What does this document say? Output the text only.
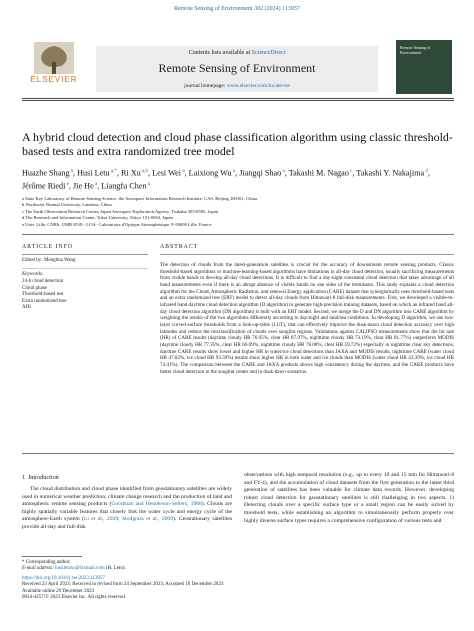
Remote Sensing of Environment 302 (2024) 113957
ELSEVIER
Contents lists available at ScienceDirect
Remote Sensing of Environment
journal homepage: www.elsevier.com/locate/rse
Remote Sensing of Environment
A hybrid cloud detection and cloud phase classification algorithm using classic threshold-based tests and extra randomized tree model
Huazhe Shang $^a$, Husi Letu $^{a,*}$, Ri Xu $^{a,b}$, Lesi Wei $^a$, Laixiong Wu $^a$, Jiangqi Shao $^a$, Takashi M. Nagao $^c$, Takashi Y. Nakajima $^d$, Jérôme Riedi $^e$, Jie He $^a$, Liangfu Chen $^a$
a State Key Laboratory of Remote Sensing Science, the Aerospace Information Research Institute, CAS, Beijing 100101, China
b Northwest Normal University, Lanzhou, China
c The Earth Observation Research Center, Japan Aerospace Exploration Agency, Tsukuba 305-8505, Japan
d The Research and Information Center, Tokai University, Tokyo 151-0063, Japan
e Univ. Lille, CNRS, UMR 8518 - LOA - Laboratoire d'Optique Atmosphérique, F-59000 Lille, France
ARTICLE INFO
Edited by: Menghua Wang
Keywords:
24-h cloud detection
Cloud phase
Threshold-based test
Extra randomized tree
AHI
ABSTRACT
The detection of clouds from the latest-generation satellites is crucial for the accuracy of downstream remote sensing products. Classic threshold-based algorithms or machine-learning-based algorithms have limitations in all-day cloud detection, usually sacrificing measurements from visible bands to develop all-day cloud detections. It is difficult to find a day-night consistent cloud detection that takes advantage of all band measurements even if there is an abrupt absence of visible bands on one sides of the terminator. This study explains a cloud detection algorithm for the Cloud, Atmospheric Radiation, and renewal Energy application (CARE) dataset that synergistically uses threshold-based tests and an extra randomized tree (ERT) model to detect all-day clouds from Himawari-8 full-disk measurements. First, we developed a visible-to-infrared band daytime cloud detection algorithm (D algorithm) to generate high-precision training datasets, based on which an infrared band all-day cloud detection algorithm (DN algorithm) is built with an ERT model. Second, we merge the D and DN algorithm into CARE algorithm by weighting the results of the two algorithms differently according to day/night and land/sea conditions. In developing D algorithm, we use two-layer curved-surface thresholds from a look-up-table (LUT), that can effectively improve the dusk-dawn cloud detection accuracy over high latitudes and reduce the misclassification of clouds over sunglint regions. Validations against CALIPSO measurements show that the hit rate (HR) of CARE results (daytime cloudy HR 76.95%, clear HR 87.97%, nighttime cloudy HR 73.19%, clear HR 81.77%) outperform MODIS (daytime cloudy HR 77.35%, clear HR 66.09%, nighttime cloudy HR 78.08%, clear HR 59.72%) especially in nighttime clear sky detections, daytime CARE results show lower and higher HR in water/ice cloud detections than JAXA and MODIS results, nighttime CARE (water cloud HR 47.82%, ice cloud HR 93.59%) results show higher HR in both water and ice clouds than MODIS (water cloud HR 43.39%, ice cloud HR 74.41%). The comparison between the CARE and JAXA products shows high consistency during the daytime, and the CARE products have better cloud detection in the sunglint center and in dusk-dawn scenarios.
1. Introduction
The cloud distribution and cloud phase identified from geostationary satellites are widely used in numerical weather prediction, climate change research and the production of land and atmospheric remote sensing products (Goodman and Henderson-Sellers, 1988). Clouds are highly spatially variable features that closely link the water cycle and energy cycle of the atmosphere-Earth system (Li et al., 2020; Stodgrass et al., 2009). Geostationary satellites provide all-day and full-disk
observations with high temporal resolution (e.g., up to every 10 and 15 min for Himawari-8 and FY-4), and the accumulation of cloud datasets from the first generation to the latest third generation of satellites has been valuable for climate data records. However, developing robust cloud detection for geostationary satellites is still challenging in two aspects. 1) Detecting clouds over a specific surface type or a small region can be easily solved by threshold tests, while establishing an algorithm to simultaneously perform properly over highly diverse surface types requires a comprehensive configuration of various tests and
* Corresponding author.
E-mail address: husiletuw@foxmail.com (H. Letu).
https://doi.org/10.1016/j.rse.2023.113957
Received 23 April 2023; Received in revised form 24 September 2023; Accepted 10 December 2023
Available online 29 December 2023
0034-4257/© 2023 Elsevier Inc. All rights reserved.
